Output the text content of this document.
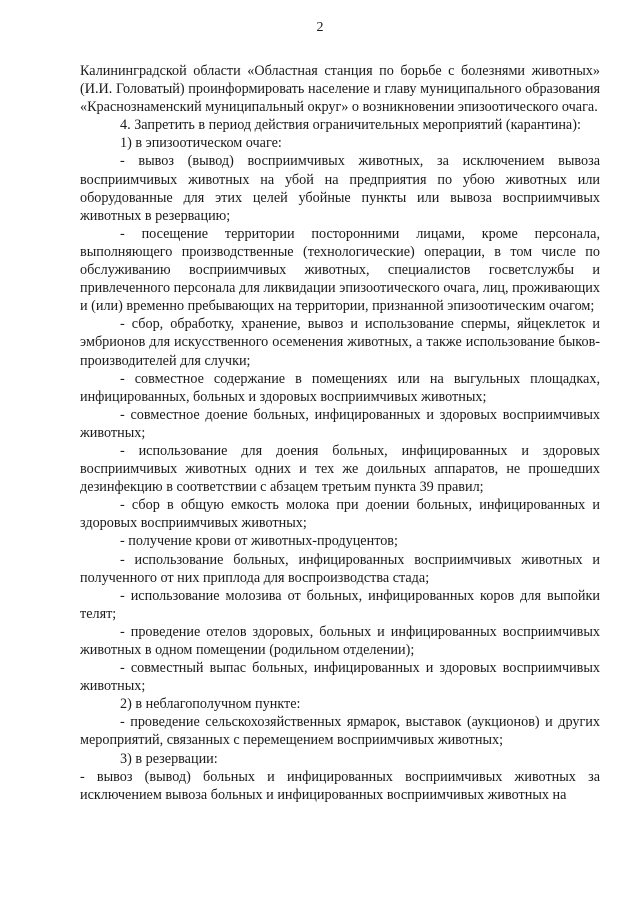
2

Калининградской области «Областная станция по борьбе с болезнями животных» (И.И. Головатый) проинформировать население и главу муниципального образования «Краснознаменский муниципальный округ» о возникновении эпизоотического очага.

4. Запретить в период действия ограничительных мероприятий (карантина):

1) в эпизоотическом очаге:

- вывоз (вывод) восприимчивых животных, за исключением вывоза восприимчивых животных на убой на предприятия по убою животных или оборудованные для этих целей убойные пункты или вывоза восприимчивых животных в резервацию;

- посещение территории посторонними лицами, кроме персонала, выполняющего производственные (технологические) операции, в том числе по обслуживанию восприимчивых животных, специалистов госветслужбы и привлеченного персонала для ликвидации эпизоотического очага, лиц, проживающих и (или) временно пребывающих на территории, признанной эпизоотическим очагом;

- сбор, обработку, хранение, вывоз и использование спермы, яйцеклеток и эмбрионов для искусственного осеменения животных, а также использование быков-производителей для случки;

- совместное содержание в помещениях или на выгульных площадках, инфицированных, больных и здоровых восприимчивых животных;

- совместное доение больных, инфицированных и здоровых восприимчивых животных;

- использование для доения больных, инфицированных и здоровых восприимчивых животных одних и тех же доильных аппаратов, не прошедших дезинфекцию в соответствии с абзацем третьим пункта 39 правил;

- сбор в общую емкость молока при доении больных, инфицированных и здоровых восприимчивых животных;

- получение крови от животных-продуцентов;

- использование больных, инфицированных восприимчивых животных и полученного от них приплода для воспроизводства стада;

- использование молозива от больных, инфицированных коров для выпойки телят;

- проведение отелов здоровых, больных и инфицированных восприимчивых животных в одном помещении (родильном отделении);

- совместный выпас больных, инфицированных и здоровых восприимчивых животных;

2) в неблагополучном пункте:

- проведение сельскохозяйственных ярмарок, выставок (аукционов) и других мероприятий, связанных с перемещением восприимчивых животных;

3) в резервации:

- вывоз (вывод) больных и инфицированных восприимчивых животных за исключением вывоза больных и инфицированных восприимчивых животных на
